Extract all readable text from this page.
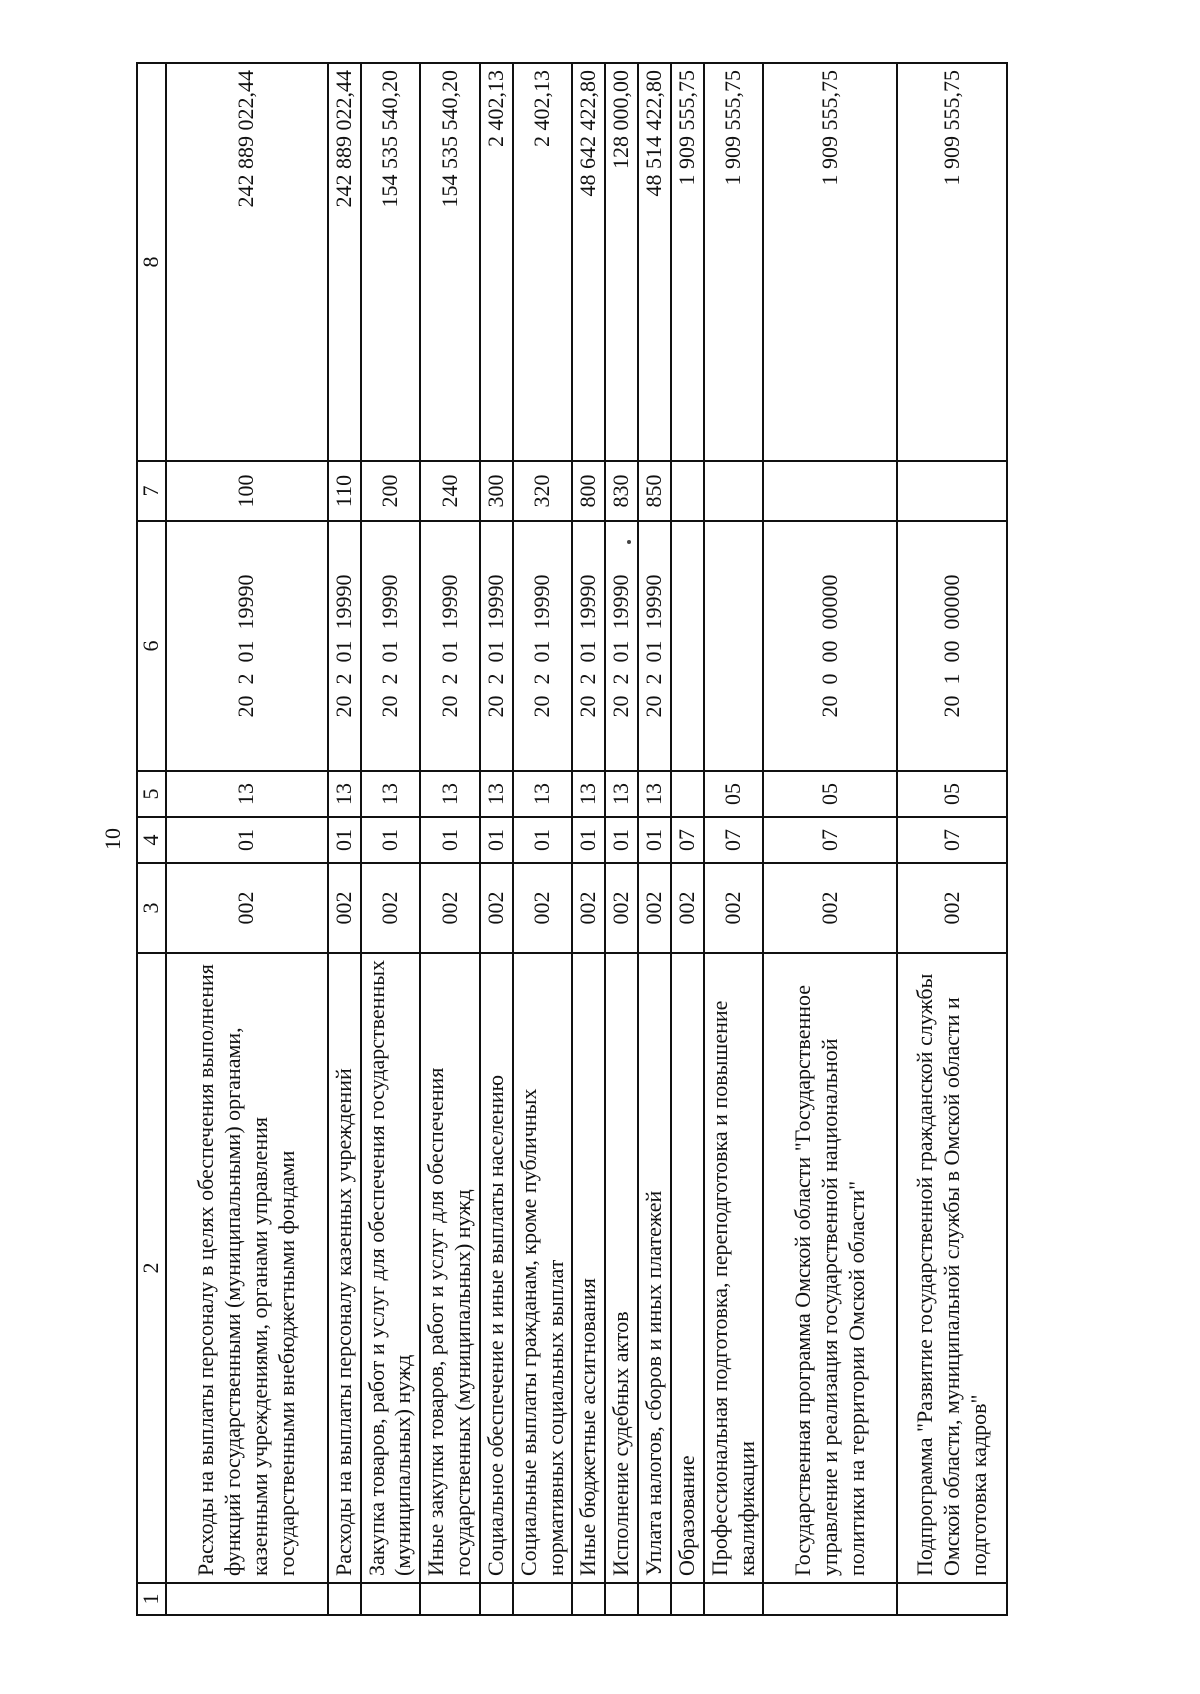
10
1	2	3	4	5	6	7	8
	Расходы на выплаты персоналу в целях обеспечения выполнения функций государственными (муниципальными) органами, казенными учреждениями, органами управления государственными внебюджетными фондами	002	01	13	20  2  01  19990	100	242 889 022,44
	Расходы на выплаты персоналу казенных учреждений	002	01	13	20  2  01  19990	110	242 889 022,44
	Закупка товаров, работ и услуг для обеспечения государственных (муниципальных) нужд	002	01	13	20  2  01  19990	200	154 535 540,20
	Иные закупки товаров, работ и услуг для обеспечения государственных (муниципальных) нужд	002	01	13	20  2  01  19990	240	154 535 540,20
	Социальное обеспечение и иные выплаты населению	002	01	13	20  2  01  19990	300	2 402,13
	Социальные выплаты гражданам, кроме публичных нормативных социальных выплат	002	01	13	20  2  01  19990	320	2 402,13
	Иные бюджетные ассигнования	002	01	13	20  2  01  19990	800	48 642 422,80
	Исполнение судебных актов	002	01	13	20  2  01  19990	830	128 000,00
	Уплата налогов, сборов и иных платежей	002	01	13	20  2  01  19990	850	48 514 422,80
	Образование	002	07				1 909 555,75
	Профессиональная подготовка, переподготовка и повышение квалификации	002	07	05			1 909 555,75
	Государственная программа Омской области "Государственное управление и реализация государственной национальной политики на территории Омской области"	002	07	05	20  0  00  00000		1 909 555,75
	Подпрограмма "Развитие государственной гражданской службы Омской области, муниципальной службы в Омской области и подготовка кадров"	002	07	05	20  1  00  00000		1 909 555,75
